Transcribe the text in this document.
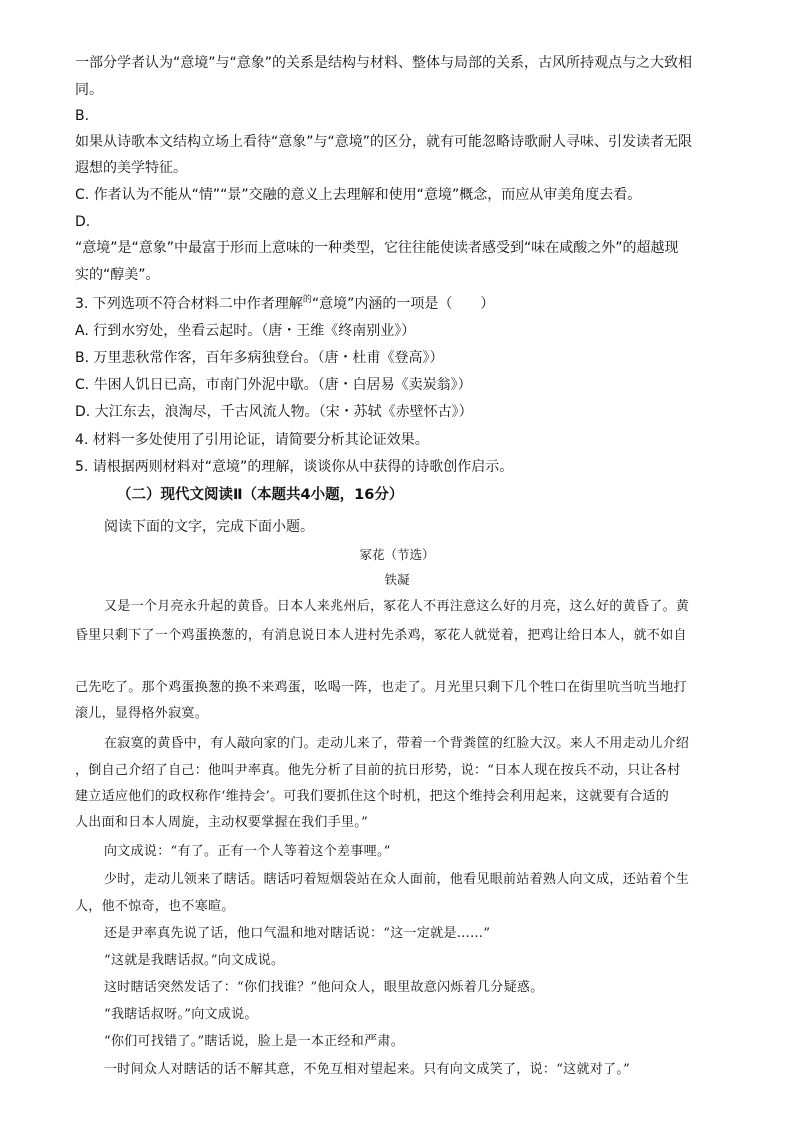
一部分学者认为“意境”与“意象”的关系是结构与材料、整体与局部的关系，古风所持观点与之大致相
同。
B.
如果从诗歌本文结构立场上看待“意象”与“意境”的区分，就有可能忽略诗歌耐人寻味、引发读者无限
遐想的美学特征。
C. 作者认为不能从“情”“景”交融的意义上去理解和使用“意境”概念，而应从审美角度去看。
D.
“意境”是“意象”中最富于形而上意味的一种类型，它往往能使读者感受到“味在咸酸之外”的超越现
实的“醇美”。
3. 下列选项不符合材料二中作者理解$^的$“意境”内涵的一项是（　　）
A. 行到水穷处，坐看云起时。（唐・王维《终南别业》）
B. 万里悲秋常作客，百年多病独登台。（唐・杜甫《登高》）
C. 牛困人饥日已高，市南门外泥中歇。（唐・白居易《卖炭翁》）
D. 大江东去，浪淘尽，千古风流人物。（宋・苏轼《赤壁怀古》）
4. 材料一多处使用了引用论证，请简要分析其论证效果。
5. 请根据两则材料对“意境”的理解，谈谈你从中获得的诗歌创作启示。
（二）现代文阅读Ⅱ（本题共4小题，16分）
阅读下面的文字，完成下面小题。
冢花（节选）
铁凝
又是一个月亮永升起的黄昏。日本人来兆州后，冢花人不再注意这么好的月亮，这么好的黄昏了。黄
昏里只剩下了一个鸡蛋换葱的，有消息说日本人进村先杀鸡，冢花人就觉着，把鸡让给日本人，就不如自
己先吃了。那个鸡蛋换葱的换不来鸡蛋，吆喝一阵，也走了。月光里只剩下几个牲口在街里吭当吭当地打
滚儿，显得格外寂寞。
在寂寞的黄昏中，有人敲向家的门。走动儿来了，带着一个背粪筐的红脸大汉。来人不用走动儿介绍
，倒自己介绍了自己：他叫尹率真。他先分析了目前的抗日形势，说：“日本人现在按兵不动，只让各村
建立适应他们的政权称作‘维持会’。可我们要抓住这个时机，把这个维持会利用起来，这就要有合适的
人出面和日本人周旋，主动权要掌握在我们手里。”
向文成说：“有了。正有一个人等着这个差事哩。”
少时，走动儿领来了瞎话。瞎话叼着短烟袋站在众人面前，他看见眼前站着熟人向文成，还站着个生
人，他不惊奇，也不寒暄。
还是尹率真先说了话，他口气温和地对瞎话说：“这一定就是……”
“这就是我瞎话叔。”向文成说。
这时瞎话突然发话了：“你们找谁？”他问众人，眼里故意闪烁着几分疑惑。
“我瞎话叔呀。”向文成说。
“你们可找错了。”瞎话说，脸上是一本正经和严肃。
一时间众人对瞎话的话不解其意，不免互相对望起来。只有向文成笑了，说：“这就对了。”
